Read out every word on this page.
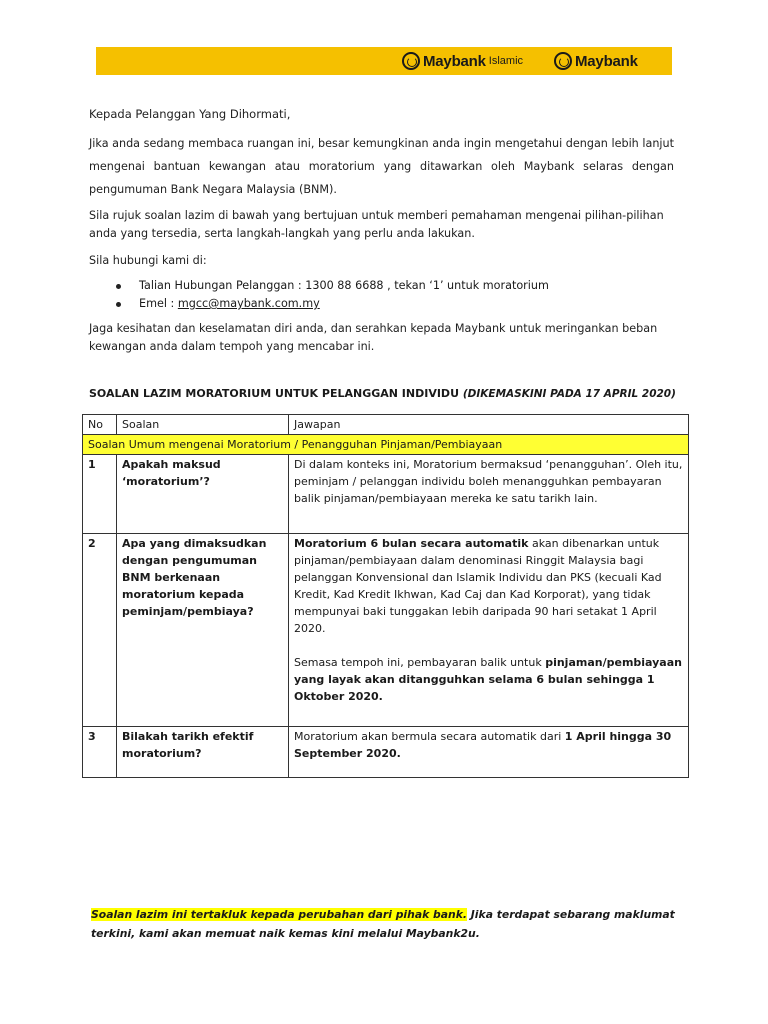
Maybank Islamic	Maybank
Kepada Pelanggan Yang Dihormati,
Jika anda sedang membaca ruangan ini, besar kemungkinan anda ingin mengetahui dengan lebih lanjut mengenai bantuan kewangan atau moratorium yang ditawarkan oleh Maybank selaras dengan pengumuman Bank Negara Malaysia (BNM).
Sila rujuk soalan lazim di bawah yang bertujuan untuk memberi pemahaman mengenai pilihan-pilihan anda yang tersedia, serta langkah-langkah yang perlu anda lakukan.
Sila hubungi kami di:
Talian Hubungan Pelanggan : 1300 88 6688 , tekan ‘1’ untuk moratorium
Emel : mgcc@maybank.com.my
Jaga kesihatan dan keselamatan diri anda, dan serahkan kepada Maybank untuk meringankan beban kewangan anda dalam tempoh yang mencabar ini.
SOALAN LAZIM MORATORIUM UNTUK PELANGGAN INDIVIDU (DIKEMASKINI PADA 17 APRIL 2020)
No	Soalan	Jawapan
Soalan Umum mengenai Moratorium / Penangguhan Pinjaman/Pembiayaan		
1	Apakah maksud ‘moratorium’?	Di dalam konteks ini, Moratorium bermaksud ‘penangguhan’. Oleh itu, peminjam / pelanggan individu boleh menangguhkan pembayaran balik pinjaman/pembiayaan mereka ke satu tarikh lain.
2	Apa yang dimaksudkan dengan pengumuman BNM berkenaan moratorium kepada peminjam/pembiaya?	Moratorium 6 bulan secara automatik akan dibenarkan untuk pinjaman/pembiayaan dalam denominasi Ringgit Malaysia bagi pelanggan Konvensional dan Islamik Individu dan PKS (kecuali Kad Kredit, Kad Kredit Ikhwan, Kad Caj dan Kad Korporat), yang tidak mempunyai baki tunggakan lebih daripada 90 hari setakat 1 April 2020.
Semasa tempoh ini, pembayaran balik untuk pinjaman/pembiayaan yang layak akan ditangguhkan selama 6 bulan sehingga 1 Oktober 2020.
3	Bilakah tarikh efektif moratorium?	Moratorium akan bermula secara automatik dari 1 April hingga 30 September 2020.
Soalan lazim ini tertakluk kepada perubahan dari pihak bank. Jika terdapat sebarang maklumat terkini, kami akan memuat naik kemas kini melalui Maybank2u.
